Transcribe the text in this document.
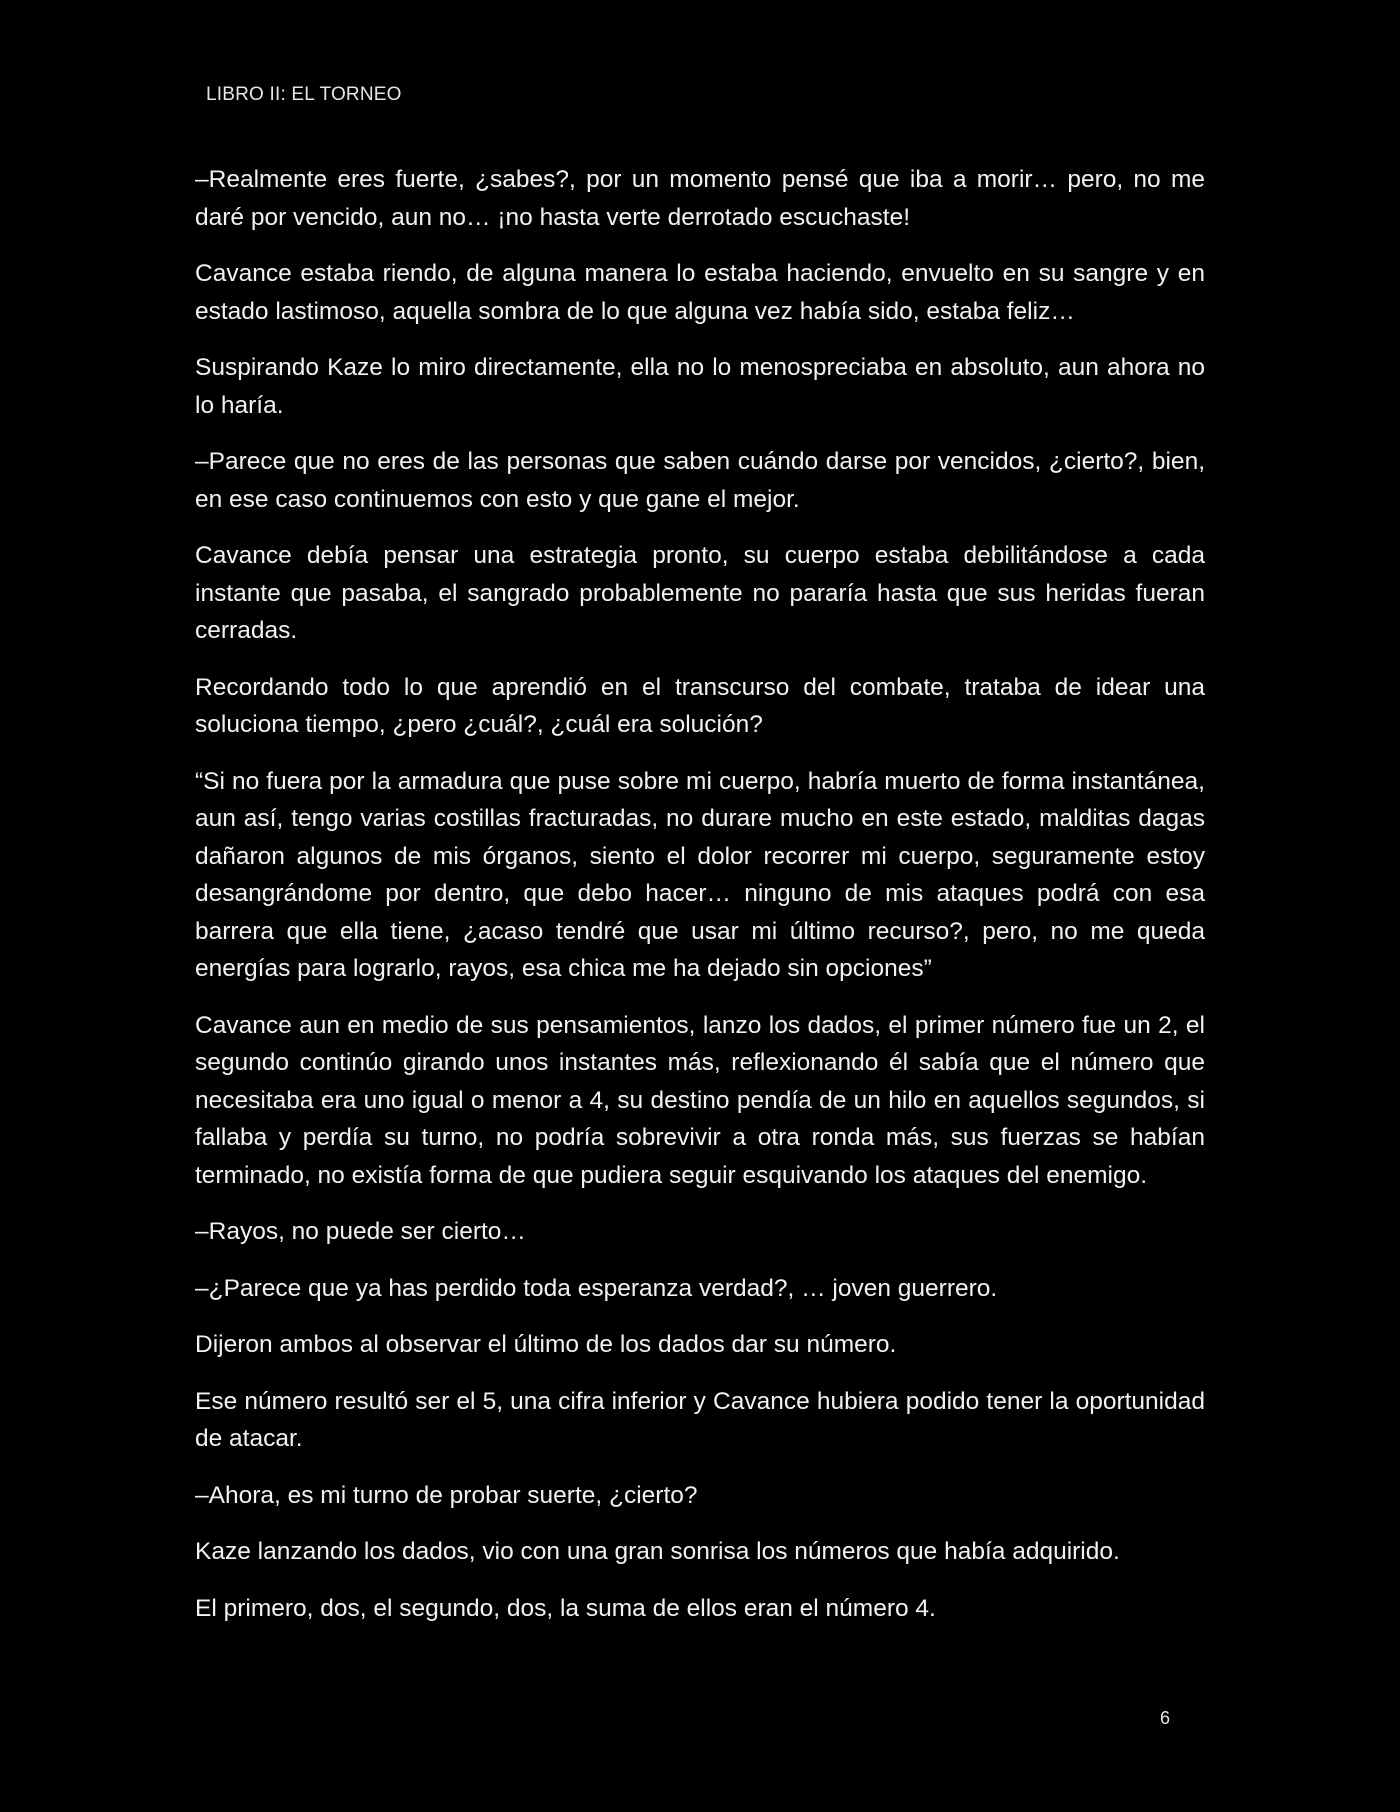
LIBRO II: EL TORNEO

–Realmente eres fuerte, ¿sabes?, por un momento pensé que iba a morir… pero, no me daré por vencido, aun no… ¡no hasta verte derrotado escuchaste!

Cavance estaba riendo, de alguna manera lo estaba haciendo, envuelto en su sangre y en estado lastimoso, aquella sombra de lo que alguna vez había sido, estaba feliz…

Suspirando Kaze lo miro directamente, ella no lo menospreciaba en absoluto, aun ahora no lo haría.

–Parece que no eres de las personas que saben cuándo darse por vencidos, ¿cierto?, bien, en ese caso continuemos con esto y que gane el mejor.

Cavance debía pensar una estrategia pronto, su cuerpo estaba debilitándose a cada instante que pasaba, el sangrado probablemente no pararía hasta que sus heridas fueran cerradas.

Recordando todo lo que aprendió en el transcurso del combate, trataba de idear una soluciona tiempo, ¿pero ¿cuál?, ¿cuál era solución?

“Si no fuera por la armadura que puse sobre mi cuerpo, habría muerto de forma instantánea, aun así, tengo varias costillas fracturadas, no durare mucho en este estado, malditas dagas dañaron algunos de mis órganos, siento el dolor recorrer mi cuerpo, seguramente estoy desangrándome por dentro, que debo hacer… ninguno de mis ataques podrá con esa barrera que ella tiene, ¿acaso tendré que usar mi último recurso?, pero, no me queda energías para lograrlo, rayos, esa chica me ha dejado sin opciones”

Cavance aun en medio de sus pensamientos, lanzo los dados, el primer número fue un 2, el segundo continúo girando unos instantes más, reflexionando él sabía que el número que necesitaba era uno igual o menor a 4, su destino pendía de un hilo en aquellos segundos, si fallaba y perdía su turno, no podría sobrevivir a otra ronda más, sus fuerzas se habían terminado, no existía forma de que pudiera seguir esquivando los ataques del enemigo.

–Rayos, no puede ser cierto…

–¿Parece que ya has perdido toda esperanza verdad?, … joven guerrero.

Dijeron ambos al observar el último de los dados dar su número.

Ese número resultó ser el 5, una cifra inferior y Cavance hubiera podido tener la oportunidad de atacar.

–Ahora, es mi turno de probar suerte, ¿cierto?

Kaze lanzando los dados, vio con una gran sonrisa los números que había adquirido.

El primero, dos, el segundo, dos, la suma de ellos eran el número 4.

6
